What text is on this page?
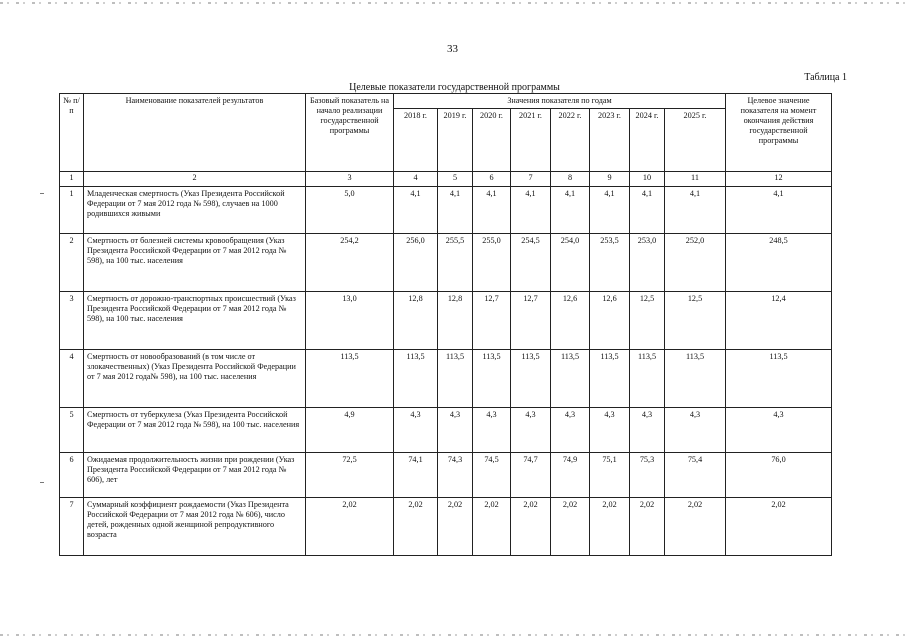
33
Таблица 1
Целевые показатели государственной программы
№ п/п	Наименование показателей результатов	Базовый показатель на начало реализации государственной программы	Значения показателя по годам								Целевое значение показателя на момент окончания действия государственной программы
			2018 г.	2019 г.	2020 г.	2021 г.	2022 г.	2023 г.	2024 г.	2025 г.	
1	2	3	4	5	6	7	8	9	10	11	12
1	Младенческая смертность (Указ Президента Российской Федерации от 7 мая 2012 года № 598), случаев на 1000 родившихся живыми	5,0	4,1	4,1	4,1	4,1	4,1	4,1	4,1	4,1	4,1
2	Смертность от болезней системы кровообращения (Указ Президента Российской Федерации от 7 мая 2012 года № 598), на 100 тыс. населения	254,2	256,0	255,5	255,0	254,5	254,0	253,5	253,0	252,0	248,5
3	Смертность от дорожно-транспортных происшествий (Указ Президента Российской Федерации от 7 мая 2012 года № 598), на 100 тыс. населения	13,0	12,8	12,8	12,7	12,7	12,6	12,6	12,5	12,5	12,4
4	Смертность от новообразований (в том числе от злокачественных) (Указ Президента Российской Федерации от 7 мая 2012 года№ 598), на 100 тыс. населения	113,5	113,5	113,5	113,5	113,5	113,5	113,5	113,5	113,5	113,5
5	Смертность от туберкулеза (Указ Президента Российской Федерации от 7 мая 2012 года № 598), на 100 тыс. населения	4,9	4,3	4,3	4,3	4,3	4,3	4,3	4,3	4,3	4,3
6	Ожидаемая продолжительность жизни при рождении (Указ Президента Российской Федерации от 7 мая 2012 года № 606), лет	72,5	74,1	74,3	74,5	74,7	74,9	75,1	75,3	75,4	76,0
7	Суммарный коэффициент рождаемости (Указ Президента Российской Федерации от 7 мая 2012 года № 606), число детей, рожденных одной женщиной репродуктивного возраста	2,02	2,02	2,02	2,02	2,02	2,02	2,02	2,02	2,02	2,02
